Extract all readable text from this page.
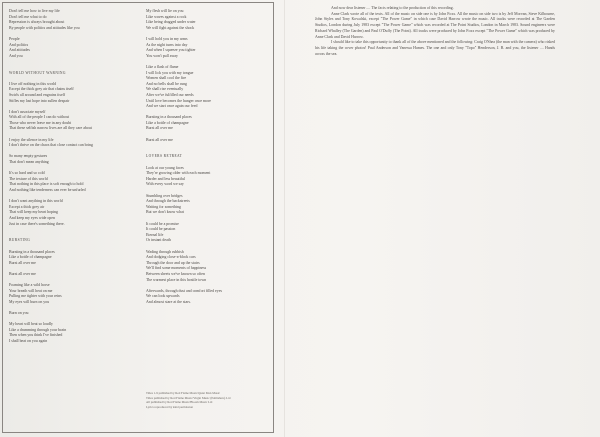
Don't tell me how to live my life
Don't tell me what to do
Repression is always brought about
By people with politics and attitudes like you
People
And politics
And attitudes
And you
WORLD WITHOUT WARNING
I live off nothing in this world
Except the thick grey air that chains itself
Swirls all around and engrains itself
Stifles my last hope into sullen despair
I don't associate myself
With all of the people I can do without
Those who never leave me in any doubt
That these selfish narrow lives are all they care about
I enjoy the silence in my life
I don't thrive on the chaos that close contact can bring
So many empty gestures
That don't mean anything
It's so hard and so cold
The texture of this world
That nothing in this place is soft enough to hold
And nothing like tenderness can ever be unfurled
I don't want anything in this world
Except a thick grey air
That will keep my heart hoping
And keep my eyes wide open
Just in case there's something there.
BURSTING
Bursting in a thousand places
Like a bottle of champagne
Burst all over me
Burst all over me
Foaming like a wild horse
Your breath will heat on me
Pulling me tighter with your reins
My eyes will burn on you
Burn on you
My heart will beat so loudly
Like a drumming through your brain
Then when you think I've finished
I shall beat on you again
My flesh will lie on you
Like waves against a rock
Like being dragged under water
We will fight against the shock
I will hold you in my arms
As the night turns into day
And when I squeeze you tighter
You won't pull away
Like a flash of flame
I will lick you with my tongue
Women shall cool the fire
And no bells shall be rung
We shall rise eventually
After we've fulfilled our needs
Until love becomes the hunger once more
And we start once again our feed
Bursting in a thousand places
Like a bottle of champagne
Burst all over me
Burst all over me
LOVERS RETREAT
Look at our young faces
They're growing older with each moment
Harder and less beautiful
With every word we say
Stumbling over bridges
And through the backstreets
Waiting for something
But we don't know what
It could be a promise
It could be passion
Eternal life
Or instant death
Wading through rubbish
And dodging close-a-block cars
Through the door and up the stairs
We'll find some moments of happiness
Between sheets we've known so often
The warmest place in this hostile town
Afterwards, through dust and comfort filled eyes
We can look upwards
And almost stare at the stars.
Titles 1-9 published by Red Flame Music/Quiet Man Music
Titles published by Red Flame Music/Virgin Music (Publishers) Ltd
All published by Red Flame Music/Bloom Music Ltd
Lyrics reproduced by kind permission

And now dear listener .... The facts relating to the production of this recording.

Anne Clark wrote all of the texts. All of the music on side one is by John Foxx. All the music on side two is by Jeff Morvan, Steve Kilbourne, John Styles and Tony Kowalski, except "The Power Game" in which case David Harrow wrote the music. All tracks were recorded at The Garden Studios, London during July 1983 except "The Power Game" which was recorded at The Point Studios, London in March 1983. Sound engineers were Richard Whalley (The Garden) and Paul O'Duffy (The Point). All tracks were produced by John Foxx except "The Power Game" which was produced by Anne Clark and David Harrow.

I should like to take this opportunity to thank all of the above mentioned and the following: Craig O'Shea (the man with the camera) who risked his life taking the cover photos! Paul Anderson and Vanessa Hames. The one and only Tony "Topo" Henderson, J. B. and you, the listener .... Hands across the sea.
